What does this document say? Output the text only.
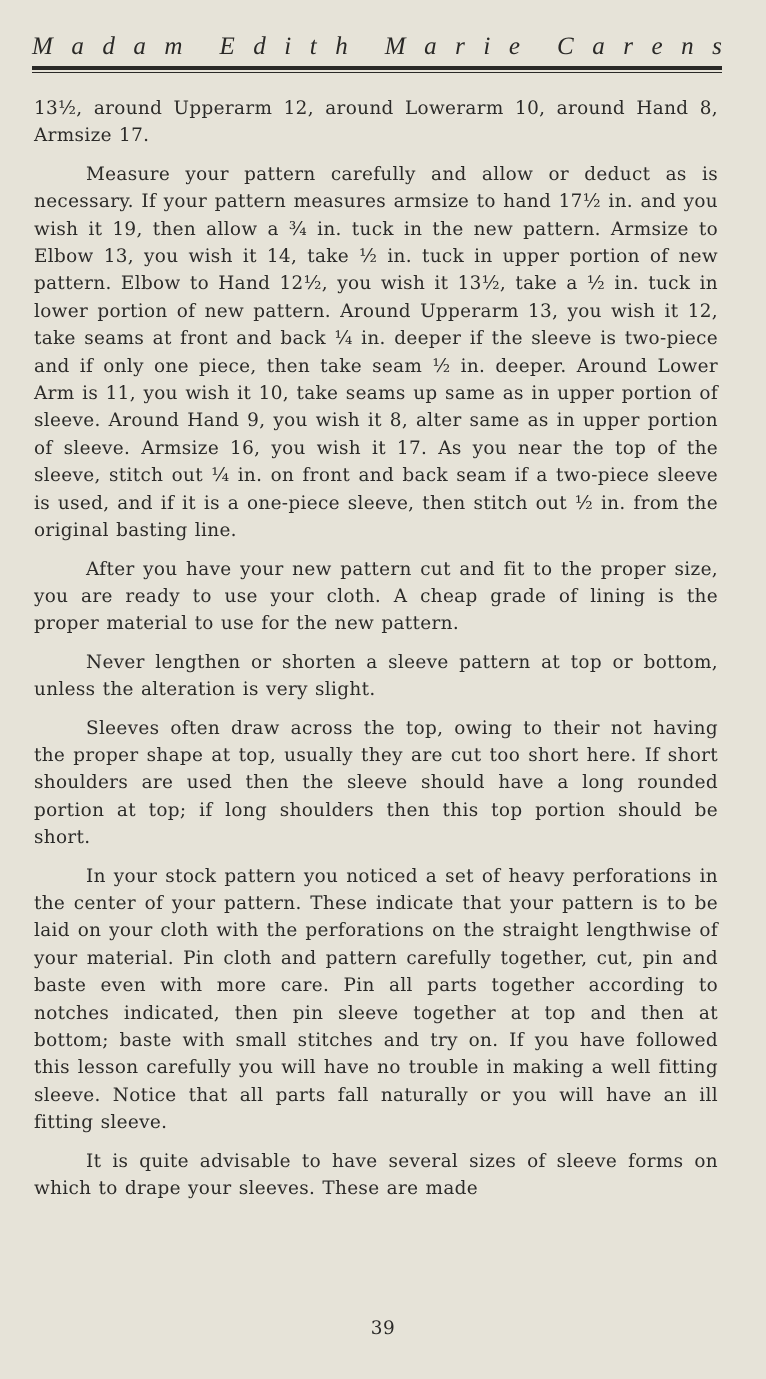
M a d a m E d i t h M a r i e C a r e n s

13½, around Upperarm 12, around Lowerarm 10, around Hand 8, Armsize 17.

Measure your pattern carefully and allow or deduct as is necessary. If your pattern measures armsize to hand 17½ in. and you wish it 19, then allow a ¾ in. tuck in the new pattern. Armsize to Elbow 13, you wish it 14, take ½ in. tuck in upper portion of new pattern. Elbow to Hand 12½, you wish it 13½, take a ½ in. tuck in lower portion of new pattern. Around Upperarm 13, you wish it 12, take seams at front and back ¼ in. deeper if the sleeve is two-piece and if only one piece, then take seam ½ in. deeper. Around Lower Arm is 11, you wish it 10, take seams up same as in upper portion of sleeve. Around Hand 9, you wish it 8, alter same as in upper portion of sleeve. Armsize 16, you wish it 17. As you near the top of the sleeve, stitch out ¼ in. on front and back seam if a two-piece sleeve is used, and if it is a one-piece sleeve, then stitch out ½ in. from the original basting line.

After you have your new pattern cut and fit to the proper size, you are ready to use your cloth. A cheap grade of lining is the proper material to use for the new pattern.

Never lengthen or shorten a sleeve pattern at top or bottom, unless the alteration is very slight.

Sleeves often draw across the top, owing to their not having the proper shape at top, usually they are cut too short here. If short shoulders are used then the sleeve should have a long rounded portion at top; if long shoulders then this top portion should be short.

In your stock pattern you noticed a set of heavy perforations in the center of your pattern. These indicate that your pattern is to be laid on your cloth with the perforations on the straight lengthwise of your material. Pin cloth and pattern carefully together, cut, pin and baste even with more care. Pin all parts together according to notches indicated, then pin sleeve together at top and then at bottom; baste with small stitches and try on. If you have followed this lesson carefully you will have no trouble in making a well fitting sleeve. Notice that all parts fall naturally or you will have an ill fitting sleeve.

It is quite advisable to have several sizes of sleeve forms on which to drape your sleeves. These are made

39
